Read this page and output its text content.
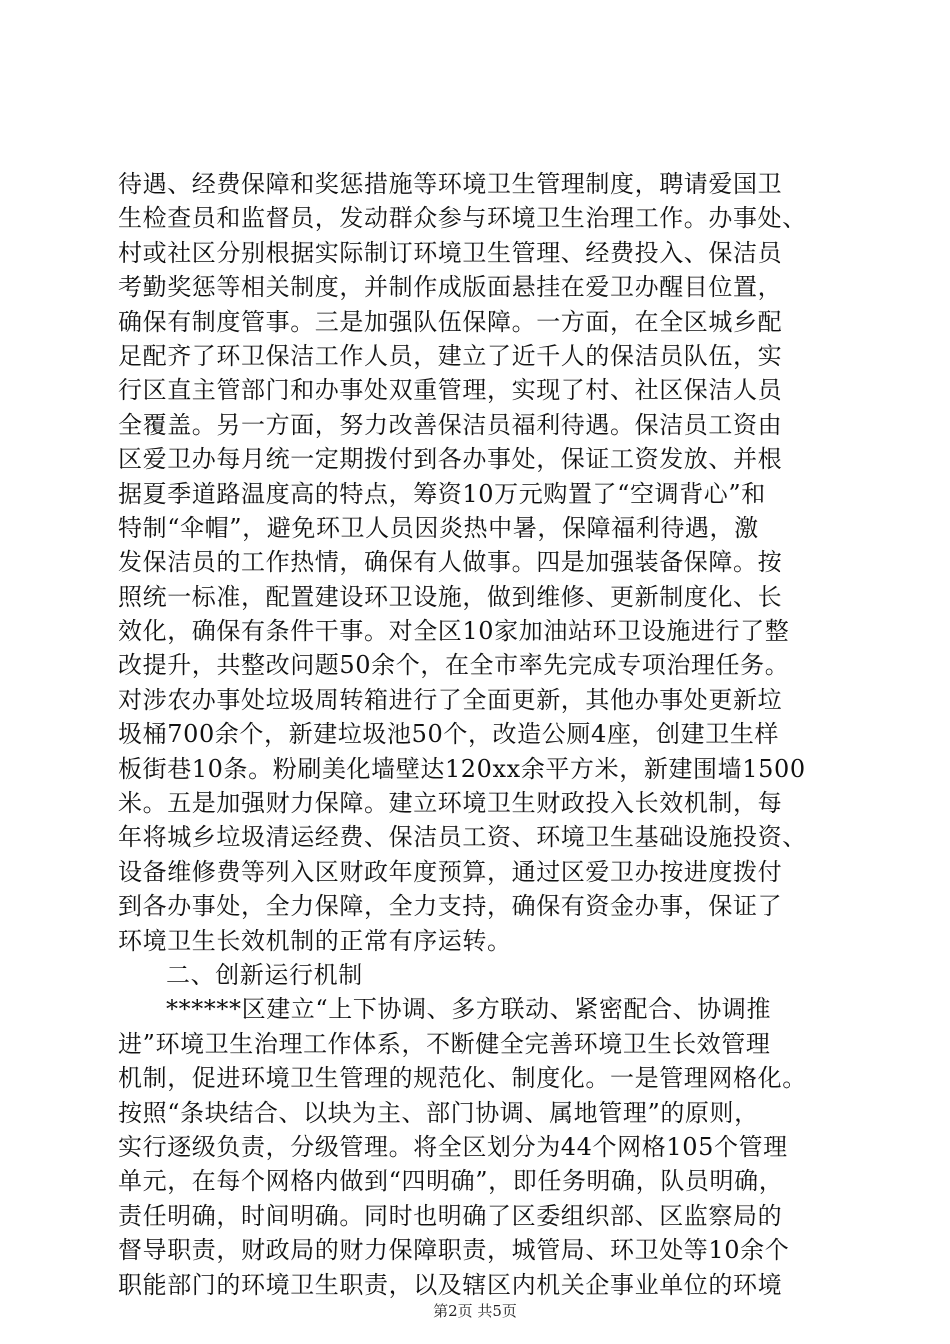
待遇、经费保障和奖惩措施等环境卫生管理制度，聘请爱国卫
生检查员和监督员，发动群众参与环境卫生治理工作。办事处、
村或社区分别根据实际制订环境卫生管理、经费投入、保洁员
考勤奖惩等相关制度，并制作成版面悬挂在爱卫办醒目位置，
确保有制度管事。三是加强队伍保障。一方面，在全区城乡配
足配齐了环卫保洁工作人员，建立了近千人的保洁员队伍，实
行区直主管部门和办事处双重管理，实现了村、社区保洁人员
全覆盖。另一方面，努力改善保洁员福利待遇。保洁员工资由
区爱卫办每月统一定期拨付到各办事处，保证工资发放、并根
据夏季道路温度高的特点，筹资10万元购置了“空调背心”和
特制“伞帽”，避免环卫人员因炎热中暑，保障福利待遇，激
发保洁员的工作热情，确保有人做事。四是加强装备保障。按
照统一标准，配置建设环卫设施，做到维修、更新制度化、长
效化，确保有条件干事。对全区10家加油站环卫设施进行了整
改提升，共整改问题50余个，在全市率先完成专项治理任务。
对涉农办事处垃圾周转箱进行了全面更新，其他办事处更新垃
圾桶700余个，新建垃圾池50个，改造公厕4座，创建卫生样
板街巷10条。粉刷美化墙壁达120xx余平方米，新建围墙1500
米。五是加强财力保障。建立环境卫生财政投入长效机制，每
年将城乡垃圾清运经费、保洁员工资、环境卫生基础设施投资、
设备维修费等列入区财政年度预算，通过区爱卫办按进度拨付
到各办事处，全力保障，全力支持，确保有资金办事，保证了
环境卫生长效机制的正常有序运转。
二、创新运行机制
******区建立“上下协调、多方联动、紧密配合、协调推
进”环境卫生治理工作体系，不断健全完善环境卫生长效管理
机制，促进环境卫生管理的规范化、制度化。一是管理网格化。
按照“条块结合、以块为主、部门协调、属地管理”的原则，
实行逐级负责，分级管理。将全区划分为44个网格105个管理
单元，在每个网格内做到“四明确”，即任务明确，队员明确，
责任明确，时间明确。同时也明确了区委组织部、区监察局的
督导职责，财政局的财力保障职责，城管局、环卫处等10余个
职能部门的环境卫生职责，以及辖区内机关企事业单位的环境
第2页 共5页
